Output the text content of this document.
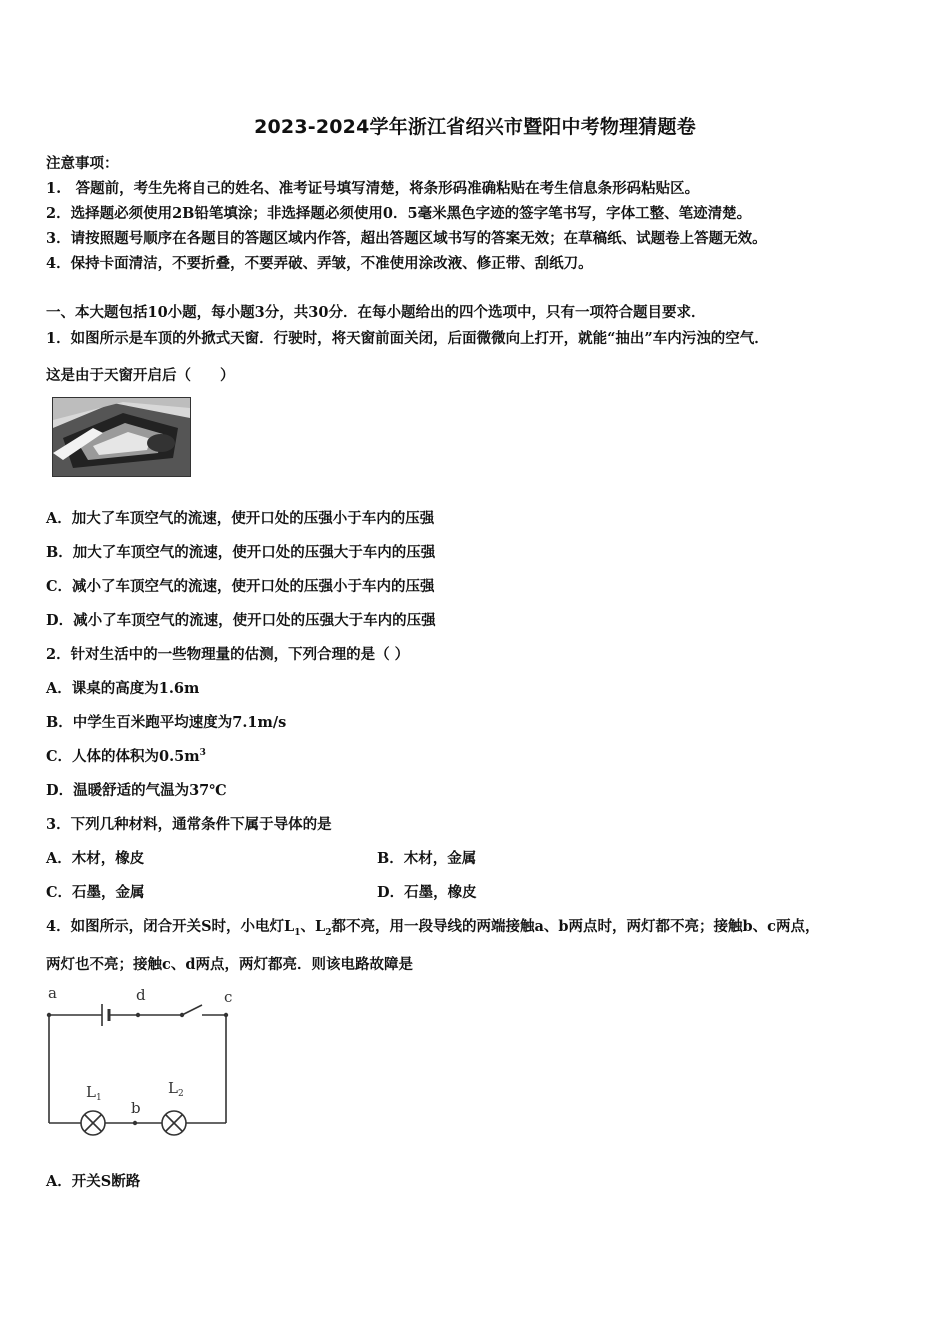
2023-2024学年浙江省绍兴市暨阳中考物理猜题卷
注意事项：
1.　答题前，考生先将自己的姓名、准考证号填写清楚，将条形码准确粘贴在考生信息条形码粘贴区。
2．选择题必须使用2B铅笔填涂；非选择题必须使用0．5毫米黑色字迹的签字笔书写，字体工整、笔迹清楚。
3．请按照题号顺序在各题目的答题区域内作答，超出答题区域书写的答案无效；在草稿纸、试题卷上答题无效。
4．保持卡面清洁，不要折叠，不要弄破、弄皱，不准使用涂改液、修正带、刮纸刀。
一、本大题包括10小题，每小题3分，共30分．在每小题给出的四个选项中，只有一项符合题目要求．
1．如图所示是车顶的外掀式天窗．行驶时，将天窗前面关闭，后面微微向上打开，就能“抽出”车内污浊的空气．
这是由于天窗开启后（　　）
A．加大了车顶空气的流速，使开口处的压强小于车内的压强
B．加大了车顶空气的流速，使开口处的压强大于车内的压强
C．减小了车顶空气的流速，使开口处的压强小于车内的压强
D．减小了车顶空气的流速，使开口处的压强大于车内的压强
2．针对生活中的一些物理量的估测，下列合理的是（ ）
A．课桌的高度为1.6m
B．中学生百米跑平均速度为7.1m/s
C．人体的体积为$0.5m^3$
D．温暖舒适的气温为37℃
3．下列几种材料，通常条件下属于导体的是
A．木材，橡皮	B．木材，金属
C．石墨，金属	D．石墨，橡皮
4．如图所示，闭合开关S时，小电灯$L_1$、$L_2$都不亮，用一段导线的两端接触a、b两点时，两灯都不亮；接触b、c两点，
两灯也不亮；接触c、d两点，两灯都亮．则该电路故障是
a	d	c
b
$L_1$
$L_2$
A．开关S断路
